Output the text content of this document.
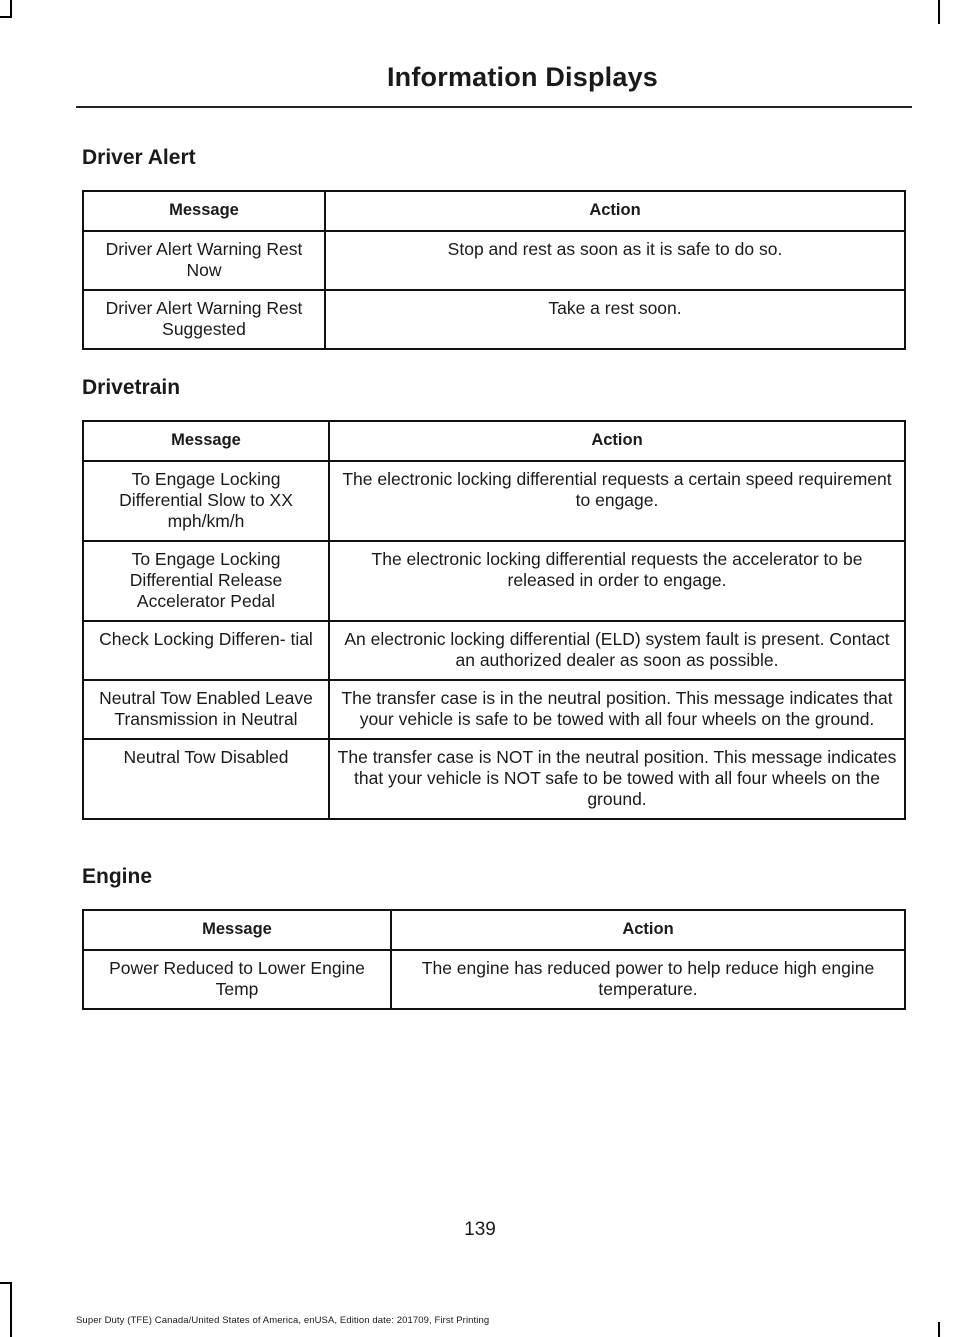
Information Displays
Driver Alert
Message	Action
Driver Alert Warning Rest Now	Stop and rest as soon as it is safe to do so.
Driver Alert Warning Rest Suggested	Take a rest soon.
Drivetrain
Message	Action
To Engage Locking Differential Slow to XX mph/km/h	The electronic locking differential requests a certain speed requirement to engage.
To Engage Locking Differential Release Accelerator Pedal	The electronic locking differential requests the accelerator to be released in order to engage.
Check Locking Differen- tial	An electronic locking differential (ELD) system fault is present. Contact an authorized dealer as soon as possible.
Neutral Tow Enabled Leave Transmission in Neutral	The transfer case is in the neutral position. This message indicates that your vehicle is safe to be towed with all four wheels on the ground.
Neutral Tow Disabled	The transfer case is NOT in the neutral position. This message indicates that your vehicle is NOT safe to be towed with all four wheels on the ground.
Engine
Message	Action
Power Reduced to Lower Engine Temp	The engine has reduced power to help reduce high engine temperature.
139
Super Duty (TFE) Canada/United States of America, enUSA, Edition date: 201709, First Printing
